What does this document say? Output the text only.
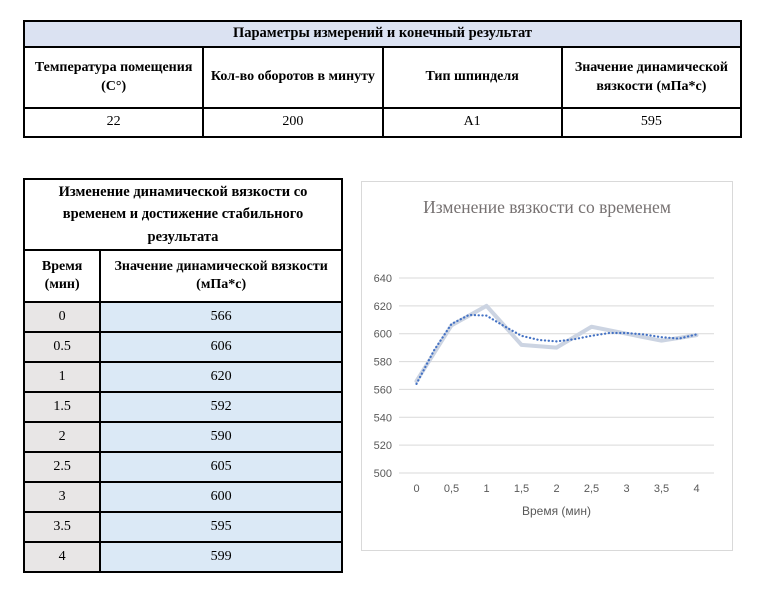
Параметры измерений и конечный результат			
Температура помещения (С°)	Кол-во оборотов в минуту	Тип шпинделя	Значение динамической вязкости (мПа*с)
22	200	А1	595
Изменение динамической вязкости со временем и достижение стабильного результата	
Время (мин)	Значение динамической вязкости (мПа*с)
0	566
0.5	606
1	620
1.5	592
2	590
2.5	605
3	600
3.5	595
4	599
Изменение вязкости со временем
500
520
540
560
580
600
620
640
0 0,5 1 1,5 2 2,5 3 3,5 4
Время (мин)
